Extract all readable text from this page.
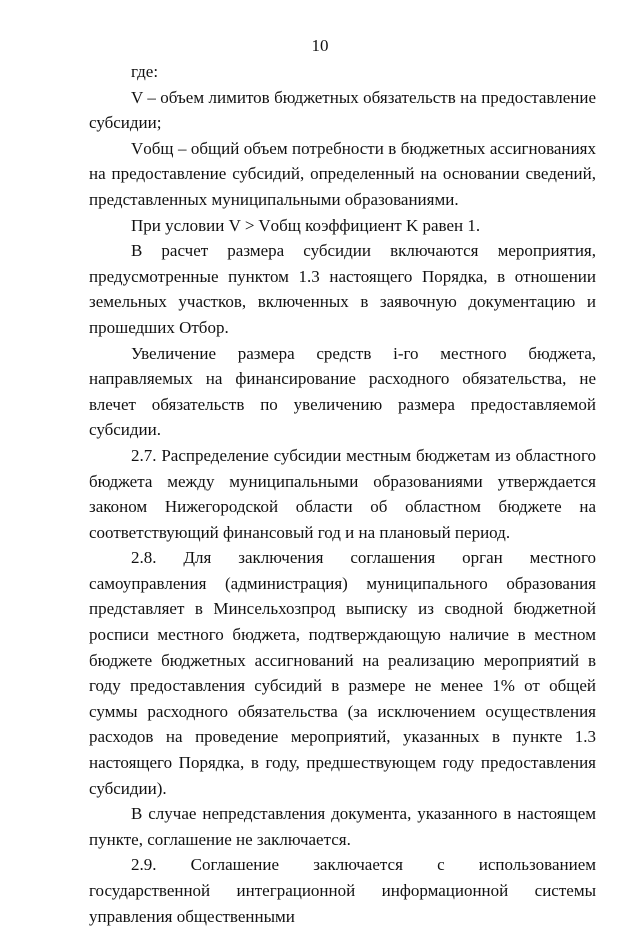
10

где:

V – объем лимитов бюджетных обязательств на предоставление субсидии;

Vобщ – общий объем потребности в бюджетных ассигнованиях на предоставление субсидий, определенный на основании сведений, представленных муниципальными образованиями.

При условии V > Vобщ коэффициент K равен 1.

В расчет размера субсидии включаются мероприятия, предусмотренные пунктом 1.3 настоящего Порядка, в отношении земельных участков, включенных в заявочную документацию и прошедших Отбор.

Увеличение размера средств i-го местного бюджета, направляемых на финансирование расходного обязательства, не влечет обязательств по увеличению размера предоставляемой субсидии.

2.7. Распределение субсидии местным бюджетам из областного бюджета между муниципальными образованиями утверждается законом Нижегородской области об областном бюджете на соответствующий финансовый год и на плановый период.

2.8. Для заключения соглашения орган местного самоуправления (администрация) муниципального образования представляет в Минсельхозпрод выписку из сводной бюджетной росписи местного бюджета, подтверждающую наличие в местном бюджете бюджетных ассигнований на реализацию мероприятий в году предоставления субсидий в размере не менее 1% от общей суммы расходного обязательства (за исключением осуществления расходов на проведение мероприятий, указанных в пункте 1.3 настоящего Порядка, в году, предшествующем году предоставления субсидии).

В случае непредставления документа, указанного в настоящем пункте, соглашение не заключается.

2.9. Соглашение заключается с использованием государственной интеграционной информационной системы управления общественными
